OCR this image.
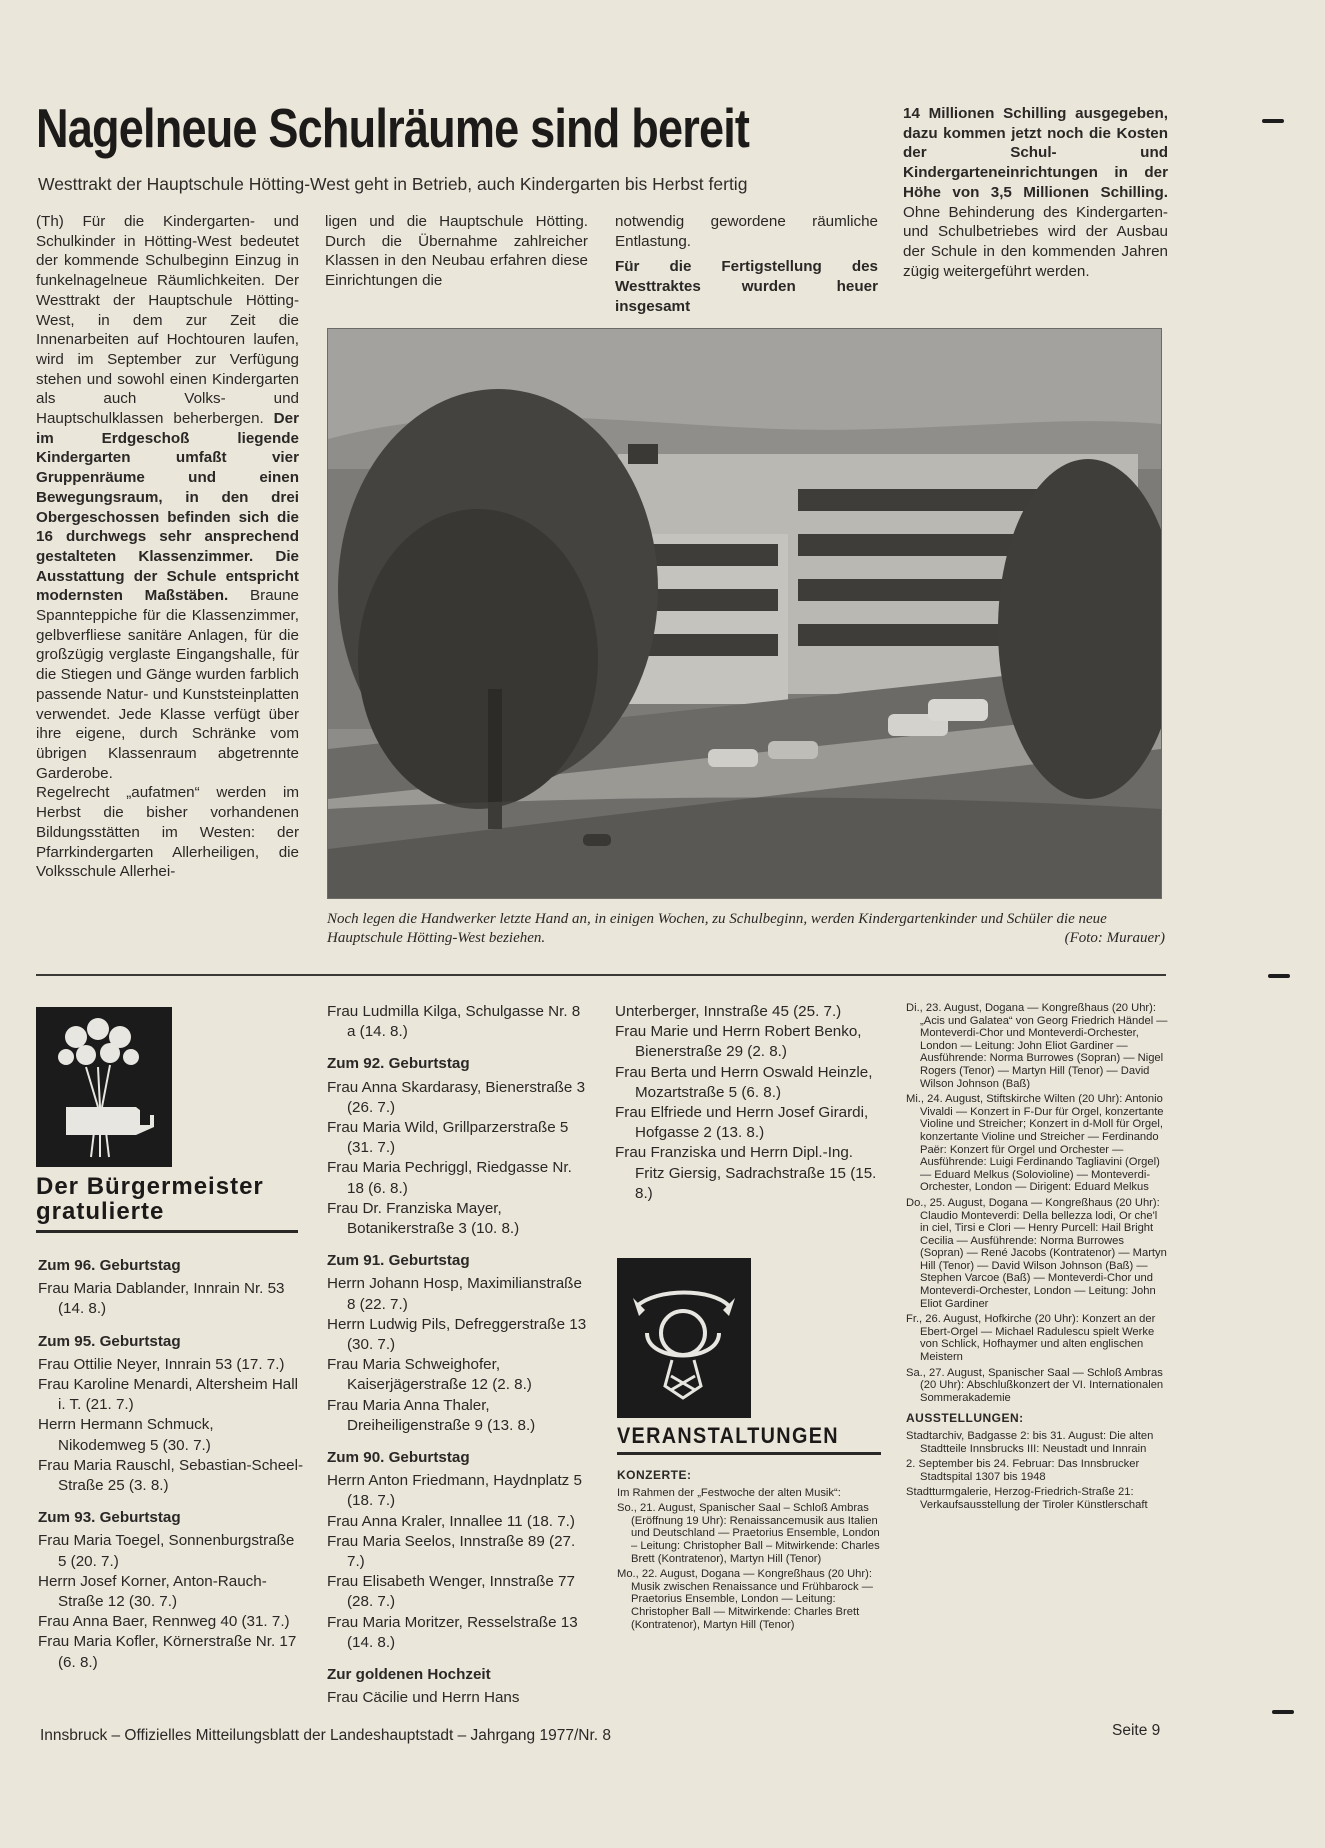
Nagelneue Schulräume sind bereit
Westtrakt der Hauptschule Hötting-West geht in Betrieb, auch Kindergarten bis Herbst fertig
14 Millionen Schilling ausgegeben, dazu kommen jetzt noch die Kosten der Schul- und Kindergarteneinrichtungen in der Höhe von 3,5 Millionen Schilling. Ohne Behinderung des Kindergarten- und Schulbetriebes wird der Ausbau der Schule in den kommenden Jahren zügig weitergeführt werden.

(Th) Für die Kindergarten- und Schulkinder in Hötting-West bedeutet der kommende Schulbeginn Einzug in funkelnagelneue Räumlichkeiten. Der Westtrakt der Hauptschule Hötting-West, in dem zur Zeit die Innenarbeiten auf Hochtouren laufen, wird im September zur Verfügung stehen und sowohl einen Kindergarten als auch Volks- und Hauptschulklassen beherbergen. Der im Erdgeschoß liegende Kindergarten umfaßt vier Gruppenräume und einen Bewegungsraum, in den drei Obergeschossen befinden sich die 16 durchwegs sehr ansprechend gestalteten Klassenzimmer. Die Ausstattung der Schule entspricht modernsten Maßstäben. Braune Spannteppiche für die Klassenzimmer, gelbverfliese sanitäre Anlagen, für die großzügig verglaste Eingangshalle, für die Stiegen und Gänge wurden farblich passende Natur- und Kunststeinplatten verwendet. Jede Klasse verfügt über ihre eigene, durch Schränke vom übrigen Klassenraum abgetrennte Garderobe.

Regelrecht „aufatmen“ werden im Herbst die bisher vorhandenen Bildungsstätten im Westen: der Pfarrkindergarten Allerheiligen, die Volksschule Allerhei-

ligen und die Hauptschule Hötting. Durch die Übernahme zahlreicher Klassen in den Neubau erfahren diese Einrichtungen die

notwendig gewordene räumliche Entlastung.

Für die Fertigstellung des Westtraktes wurden heuer insgesamt

Noch legen die Handwerker letzte Hand an, in einigen Wochen, zu Schulbeginn, werden Kindergartenkinder und Schüler die neue Hauptschule Hötting-West beziehen.	(Foto: Murauer)
Der Bürgermeister gratulierte
Zum 96. Geburtstag
Frau Maria Dablander, Innrain Nr. 53 (14. 8.)
Zum 95. Geburtstag
Frau Ottilie Neyer, Innrain 53 (17. 7.)
Frau Karoline Menardi, Altersheim Hall i. T. (21. 7.)
Herrn Hermann Schmuck, Nikodemweg 5 (30. 7.)
Frau Maria Rauschl, Sebastian-Scheel-Straße 25 (3. 8.)
Zum 93. Geburtstag
Frau Maria Toegel, Sonnenburgstraße 5 (20. 7.)
Herrn Josef Korner, Anton-Rauch-Straße 12 (30. 7.)
Frau Anna Baer, Rennweg 40 (31. 7.)
Frau Maria Kofler, Körnerstraße Nr. 17 (6. 8.)
Frau Ludmilla Kilga, Schulgasse Nr. 8 a (14. 8.)
Zum 92. Geburtstag
Frau Anna Skardarasy, Bienerstraße 3 (26. 7.)
Frau Maria Wild, Grillparzerstraße 5 (31. 7.)
Frau Maria Pechriggl, Riedgasse Nr. 18 (6. 8.)
Frau Dr. Franziska Mayer, Botanikerstraße 3 (10. 8.)
Zum 91. Geburtstag
Herrn Johann Hosp, Maximilianstraße 8 (22. 7.)
Herrn Ludwig Pils, Defreggerstraße 13 (30. 7.)
Frau Maria Schweighofer, Kaiserjägerstraße 12 (2. 8.)
Frau Maria Anna Thaler, Dreiheiligenstraße 9 (13. 8.)
Zum 90. Geburtstag
Herrn Anton Friedmann, Haydnplatz 5 (18. 7.)
Frau Anna Kraler, Innallee 11 (18. 7.)
Frau Maria Seelos, Innstraße 89 (27. 7.)
Frau Elisabeth Wenger, Innstraße 77 (28. 7.)
Frau Maria Moritzer, Resselstraße 13 (14. 8.)
Zur goldenen Hochzeit
Frau Cäcilie und Herrn Hans
Unterberger, Innstraße 45 (25. 7.)
Frau Marie und Herrn Robert Benko, Bienerstraße 29 (2. 8.)
Frau Berta und Herrn Oswald Heinzle, Mozartstraße 5 (6. 8.)
Frau Elfriede und Herrn Josef Girardi, Hofgasse 2 (13. 8.)
Frau Franziska und Herrn Dipl.-Ing. Fritz Giersig, Sadrachstraße 15 (15. 8.)
VERANSTALTUNGEN
KONZERTE:

Im Rahmen der „Festwoche der alten Musik“:

So., 21. August, Spanischer Saal – Schloß Ambras (Eröffnung 19 Uhr): Renaissancemusik aus Italien und Deutschland — Praetorius Ensemble, London – Leitung: Christopher Ball – Mitwirkende: Charles Brett (Kontratenor), Martyn Hill (Tenor)

Mo., 22. August, Dogana — Kongreßhaus (20 Uhr): Musik zwischen Renaissance und Frühbarock — Praetorius Ensemble, London — Leitung: Christopher Ball — Mitwirkende: Charles Brett (Kontratenor), Martyn Hill (Tenor)

Di., 23. August, Dogana — Kongreßhaus (20 Uhr): „Acis und Galatea“ von Georg Friedrich Händel — Monteverdi-Chor und Monteverdi-Orchester, London — Leitung: John Eliot Gardiner — Ausführende: Norma Burrowes (Sopran) — Nigel Rogers (Tenor) — Martyn Hill (Tenor) — David Wilson Johnson (Baß)

Mi., 24. August, Stiftskirche Wilten (20 Uhr): Antonio Vivaldi — Konzert in F-Dur für Orgel, konzertante Violine und Streicher; Konzert in d-Moll für Orgel, konzertante Violine und Streicher — Ferdinando Paër: Konzert für Orgel und Orchester — Ausführende: Luigi Ferdinando Tagliavini (Orgel) — Eduard Melkus (Solovioline) — Monteverdi-Orchester, London — Dirigent: Eduard Melkus

Do., 25. August, Dogana — Kongreßhaus (20 Uhr): Claudio Monteverdi: Della bellezza lodi, Or che'l in ciel, Tirsi e Clori — Henry Purcell: Hail Bright Cecilia — Ausführende: Norma Burrowes (Sopran) — René Jacobs (Kontratenor) — Martyn Hill (Tenor) — David Wilson Johnson (Baß) — Stephen Varcoe (Baß) — Monteverdi-Chor und Monteverdi-Orchester, London — Leitung: John Eliot Gardiner

Fr., 26. August, Hofkirche (20 Uhr): Konzert an der Ebert-Orgel — Michael Radulescu spielt Werke von Schlick, Hofhaymer und alten englischen Meistern

Sa., 27. August, Spanischer Saal — Schloß Ambras (20 Uhr): Abschlußkonzert der VI. Internationalen Sommerakademie

AUSSTELLUNGEN:

Stadtarchiv, Badgasse 2: bis 31. August: Die alten Stadtteile Innsbrucks III: Neustadt und Innrain

2. September bis 24. Februar: Das Innsbrucker Stadtspital 1307 bis 1948

Stadtturmgalerie, Herzog-Friedrich-Straße 21: Verkaufsausstellung der Tiroler Künstlerschaft

Innsbruck – Offizielles Mitteilungsblatt der Landeshauptstadt – Jahrgang 1977/Nr. 8	Seite 9
